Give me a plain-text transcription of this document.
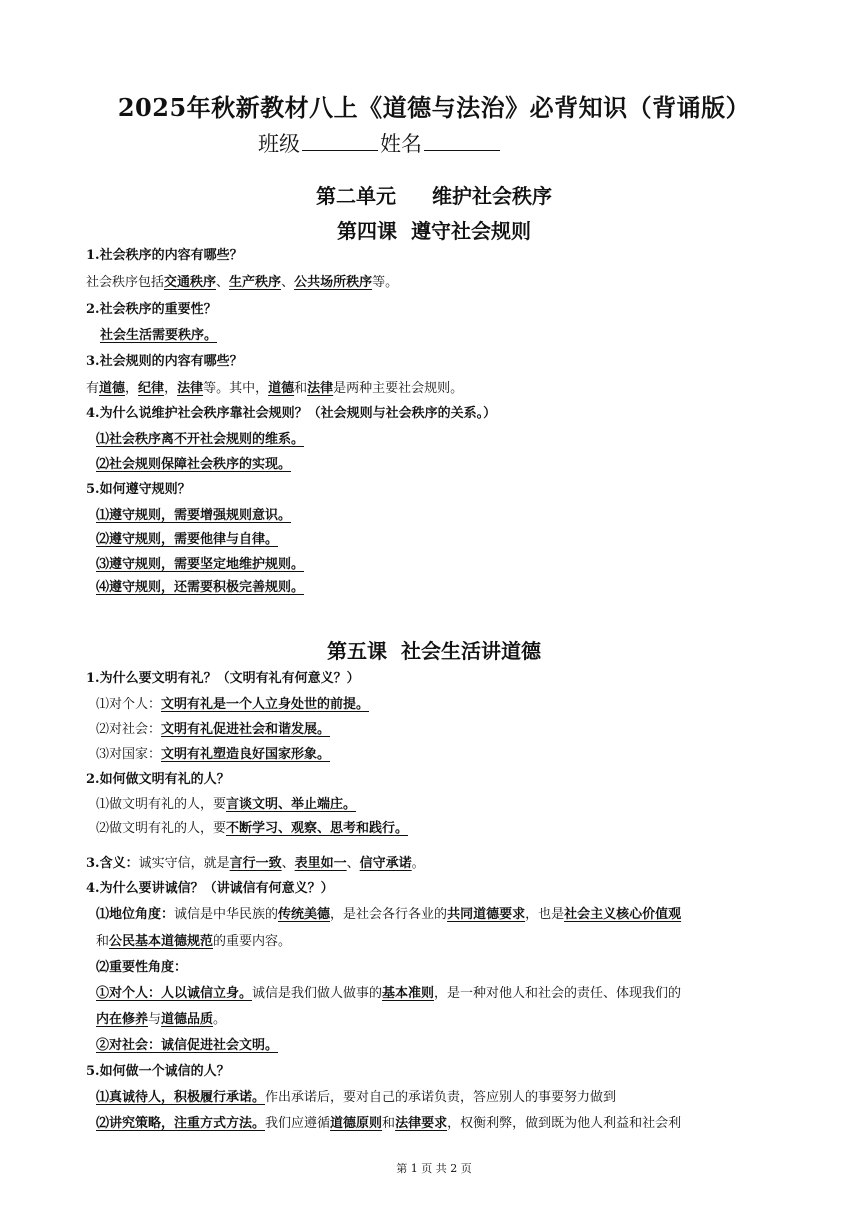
2025年秋新教材八上《道德与法治》必背知识（背诵版）
班级	姓名
第二单元 维护社会秩序
第四课 遵守社会规则
1.社会秩序的内容有哪些？
社会秩序包括交通秩序、生产秩序、公共场所秩序等。
2.社会秩序的重要性？
社会生活需要秩序。
3.社会规则的内容有哪些？
有道德，纪律，法律等。其中，道德和法律是两种主要社会规则。
4.为什么说维护社会秩序靠社会规则？（社会规则与社会秩序的关系。）
⑴社会秩序离不开社会规则的维系。
⑵社会规则保障社会秩序的实现。
5.如何遵守规则？
⑴遵守规则，需要增强规则意识。
⑵遵守规则，需要他律与自律。
⑶遵守规则，需要坚定地维护规则。
⑷遵守规则，还需要积极完善规则。
第五课 社会生活讲道德
1.为什么要文明有礼？（文明有礼有何意义？）
⑴对个人：文明有礼是一个人立身处世的前提。
⑵对社会：文明有礼促进社会和谐发展。
⑶对国家：文明有礼塑造良好国家形象。
2.如何做文明有礼的人？
⑴做文明有礼的人，要言谈文明、举止端庄。
⑵做文明有礼的人，要不断学习、观察、思考和践行。
3.含义：诚实守信，就是言行一致、表里如一、信守承诺。
4.为什么要讲诚信？（讲诚信有何意义？）
⑴地位角度：诚信是中华民族的传统美德，是社会各行各业的共同道德要求，也是社会主义核心价值观
和公民基本道德规范的重要内容。
⑵重要性角度：
①对个人：人以诚信立身。诚信是我们做人做事的基本准则，是一种对他人和社会的责任、体现我们的
内在修养与道德品质。
②对社会：诚信促进社会文明。
5.如何做一个诚信的人？
⑴真诚待人，积极履行承诺。作出承诺后，要对自己的承诺负责，答应别人的事要努力做到
⑵讲究策略，注重方式方法。我们应遵循道德原则和法律要求，权衡利弊，做到既为他人利益和社会利
第 1 页 共 2 页
